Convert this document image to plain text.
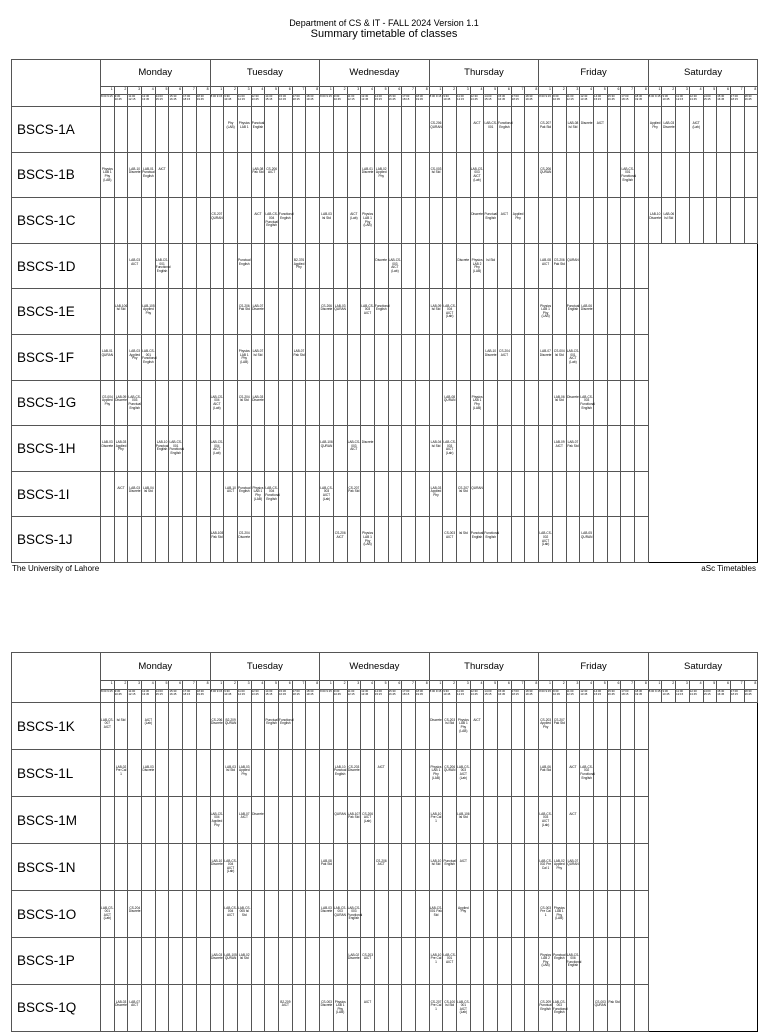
Department of CS & IT - FALL 2024 Version 1.1
Summary timetable of classes
	Monday								Tuesday								Wednesday								Thursday								Friday								Saturday							
	1	2	3	4	5	6	7	8	1	2	3	4	5	6	7	8	1	2	3	4	5	6	7	8	1	2	3	4	5	6	7	8	1	2	3	4	5	6	7	8	1	2	3	4	5	6	7	8
	8:00 9:15	9:30 10:45	11:00 12:15	12:30 13:45	14:00 15:15	15:30 16:45	17:00 18:15	18:30 19:45	8:00 9:15	9:30 10:45	11:00 12:15	12:30 13:45	14:00 15:15	15:30 16:45	17:00 18:15	18:30 19:45	8:00 9:15	9:30 10:45	11:00 12:15	12:30 13:45	14:00 15:15	15:30 16:45	17:00 18:15	18:30 19:45	8:00 9:15	9:30 10:45	11:00 12:15	12:30 13:45	14:00 15:15	15:30 16:45	17:00 18:15	18:30 19:45	8:00 9:15	9:30 10:45	11:00 12:15	12:30 13:45	14:00 15:15	15:30 16:45	17:00 18:15	18:30 19:45	8:00 9:15	9:30 10:45	11:00 12:15	12:30 13:45	14:00 15:15	15:30 16:45	17:00 18:15	18:30 19:45
BSCS-1A										Phy (LAB)	Physics LAB 1	Punctual English													CS-206 QURAN			AICT	LAB-CS-001	Functional English			CS-207 Pak Std		LAB-08 Isl Std	Discrete	AICT				Applied Phy	LAB-03 Discrete		AICT (Lab)				

BSCS-1B	Physics LAB 1 Phy (LAB)		LAB-10 Discrete	LAB-01 Punctual English	AICT							LAB-08 Pak Std	CS-206 AICT							LAB-01 Discrete	LAB-02 Applied Phy				CS-003 Isl Std			LAB-CS-003 AICT (Lab)					CS-206 QURAN						LAB-CS-001 Functional English									

BSCS-1C									CS-207 QURAN			AICT	LAB-CS-004 Punctual English	Functional English			LAB-03 Isl Std		AICT (Lab)	Physics LAB 1 Phy (LAB)								Discrete	Punctual English	AICT	Applied Phy										LAB-10 Discrete	LAB-06 Isl Std						

BSCS-1D			LAB-03 AICT		LAB-CS-001 Functional English						Punctual English				B2-376 Applied Phy						Discrete	LAB-CS-003 AICT (Lab)					Discrete	Physics LAB 2 Phy (LAB)	Isl Std				LAB-08 AICT	CS-206 Pak Std	QURAN													

BSCS-1E		LAB-106 Isl Std		LAB-105 Applied Phy							CS-206 Pak Std	LAB-07 Discrete					CS-206 Discrete	LAB-03 QURAN		LAB-CS-003 AICT	Functional English				LAB-09 Isl Std	LAB-CS-004 AICT (Lab)							Physics LAB 1 Phy (LAB)		Punctual English	LAB-06 Discrete												

BSCS-1F	LAB-01 QURAN		LAB-03 Applied Phy	LAB-CS-001 Functional English							Physics LAB 1 Phy (LAB)	LAB-07 Isl Std			LAB-07 Pak Std														LAB-10 Discrete	CS-204 AICT			LAB-07 Discrete	CS-004 Isl Std	LAB-CS-001 AICT (Lab)													

BSCS-1G	CS-004 Applied Phy	LAB-09 Discrete	LAB-CS-003 Punctual English						LAB-CS-004 AICT (Lab)		CS-204 Isl Std	LAB-03 Discrete														LAB-08 QURAN		Physics LAB 1 Phy (LAB)						LAB-06 Isl Std	Discrete	LAB-CS-003 Functional English												

BSCS-1H	LAB-03 Discrete	LAB-03 Applied Phy			LAB-10 Punctual English	LAB-CS-001 Functional English			LAB-CS-004 AICT (Lab)								LAB-106 QURAN		LAB-CS-003 AICT	Discrete					LAB-04 Isl Std	LAB-CS-003 AICT (Lab)								LAB-09 AICT	LAB-07 Pak Std													

BSCS-1I		AICT	LAB-03 Discrete	LAB-04 Isl Std						LAB-10 AICT	Punctual English	Physics LAB 1 Phy (LAB)	LAB-CS-004 Functional English				LAB-CS-003 AICT (Lab)		CS-207 Pak Std						LAB-03 Applied Phy		CS-207 Isl Std	QURAN																				

BSCS-1J									LAB-108 Pak Std		CS-204 Discrete							CS-206 AICT		Physics LAB 1 Phy (LAB)						CS-003 AICT	Isl Std	Punctual English	Functional English				LAB-CS-002 AICT (Lab)			LAB-05 QURAN												

The University of Lahore	aSc Timetables
	Monday								Tuesday								Wednesday								Thursday								Friday								Saturday							
	1	2	3	4	5	6	7	8	1	2	3	4	5	6	7	8	1	2	3	4	5	6	7	8	1	2	3	4	5	6	7	8	1	2	3	4	5	6	7	8	1	2	3	4	5	6	7	8
	8:00 9:15	9:30 10:45	11:00 12:15	12:30 13:45	14:00 15:15	15:30 16:45	17:00 18:15	18:30 19:45	8:00 9:15	9:30 10:45	11:00 12:15	12:30 13:45	14:00 15:15	15:30 16:45	17:00 18:15	18:30 19:45	8:00 9:15	9:30 10:45	11:00 12:15	12:30 13:45	14:00 15:15	15:30 16:45	17:00 18:15	18:30 19:45	8:00 9:15	9:30 10:45	11:00 12:15	12:30 13:45	14:00 15:15	15:30 16:45	17:00 18:15	18:30 19:45	8:00 9:15	9:30 10:45	11:00 12:15	12:30 13:45	14:00 15:15	15:30 16:45	17:00 18:15	18:30 19:45	8:00 9:15	9:30 10:45	11:00 12:15	12:30 13:45	14:00 15:15	15:30 16:45	17:00 18:15	18:30 19:45
BSCS-1K	LAB-CS-007 AICT	Isl Std		AICT (Lab)					CS-206 Discrete	B2-209 QURAN			Punctual English	Functional English											Discrete	CS-203 Isl Std	Physics LAB 1 Phy (LAB)	AICT					CS-203 Applied Phy	CS-207 Pak Std														

BSCS-1L		LAB-02 Pre Cal 1		LAB-03 Discrete						LAB-03 Isl Std	LAB-03 Applied Phy							LAB-10 Punctual English	CS-203 Discrete		AICT				Physics LAB 1 Phy (LAB)	CS-206 QURAN	LAB-CS-003 AICT (Lab)						LAB-06 Pak Std		AICT	LAB-CS-002 Functional English												

BSCS-1M									LAB-CS-004 Applied Phy		LAB-07 AICT	Discrete						QURAN	LAB-107 Pak Std	CS-206 AICT (Lab)					LAB-10 Pre Cal 1		LAB-106 Isl Std						LAB-CS-003 AICT (Lab)		AICT													

BSCS-1N									LAB-10 Discrete	LAB-CS-004 AICT (Lab)							LAB-08 Pak Std				CS-206 AICT				LAB-10 Isl Std	Punctual English	AICT						LAB-CS-002 Pre Cal 1	LAB-02 Applied Phy	LAB-07 QURAN													

BSCS-1O	LAB-CS-001 AICT (Lab)		CS-204 Discrete							LAB-CS-004 AICT	LAB-CS-005 Isl Std						LAB-03 Discrete	LAB-CS-003 QURAN	LAB-CS-003 Functional English						LAB-CS-001 Pak Std		Applied Phy						CS-003 Pre Cal 1	Physics LAB 1 Phy (LAB)														

BSCS-1P									LAB-03 Discrete	LAB-105 QURAN	LAB-02 Isl Std								LAB-02 Discrete	CS-203 AICT					LAB-10 Pre Cal 1	LAB-CS-001 AICT							Physics LAB 2 Phy (LAB)	Punctual English	LAB-CS-006 Functional English													

BSCS-1Q		LAB-03 Discrete	LAB-07 AICT											B2-209 AICT			CS-003 Discrete	Physics LAB 1 Phy (LAB)		AICT					CS-207 Pre Cal 1	CS-100 Isl Std	LAB-CS-001 AICT (Lab)						CS-209 Punctual English	LAB-CS-003 Functional English			CS-003 QURAN	Pak Std										
